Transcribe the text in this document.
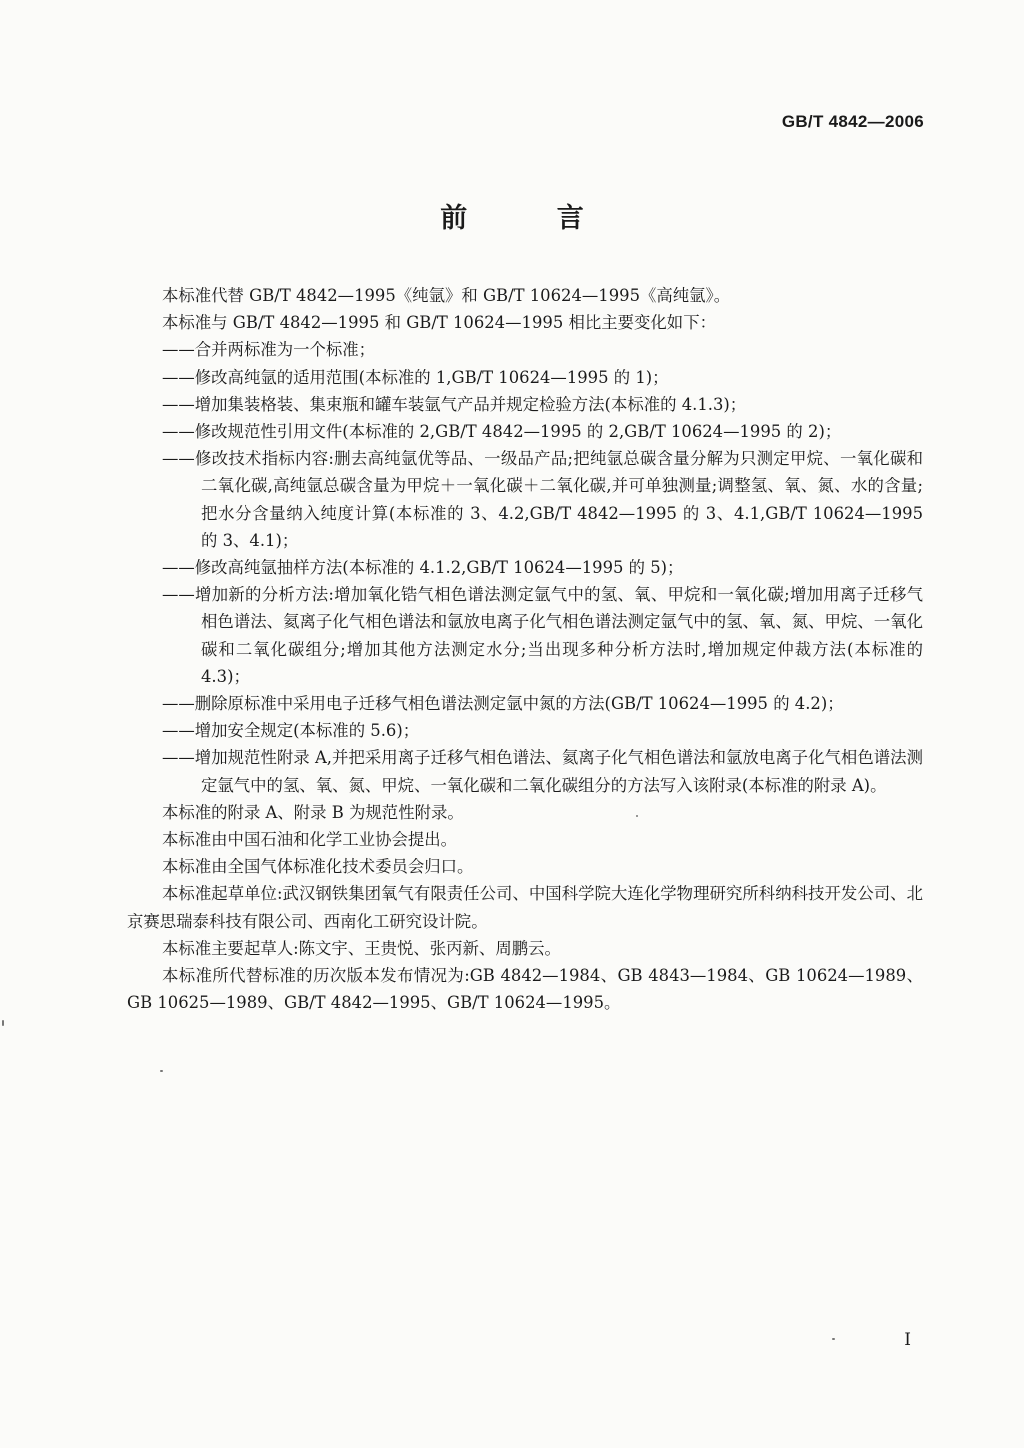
GB/T 4842—2006
前 言

本标准代替 GB/T 4842—1995《纯氩》和 GB/T 10624—1995《高纯氩》。

本标准与 GB/T 4842—1995 和 GB/T 10624—1995 相比主要变化如下：

——合并两标准为一个标准；

——修改高纯氩的适用范围(本标准的 1,GB/T 10624—1995 的 1)；

——增加集装格装、集束瓶和罐车装氩气产品并规定检验方法(本标准的 4.1.3)；

——修改规范性引用文件(本标准的 2,GB/T 4842—1995 的 2,GB/T 10624—1995 的 2)；

——修改技术指标内容:删去高纯氩优等品、一级品产品;把纯氩总碳含量分解为只测定甲烷、一氧化碳和二氧化碳,高纯氩总碳含量为甲烷＋一氧化碳＋二氧化碳,并可单独测量;调整氢、氧、氮、水的含量;把水分含量纳入纯度计算(本标准的 3、4.2,GB/T 4842—1995 的 3、4.1,GB/T 10624—1995 的 3、4.1)；

——修改高纯氩抽样方法(本标准的 4.1.2,GB/T 10624—1995 的 5)；

——增加新的分析方法:增加氧化锆气相色谱法测定氩气中的氢、氧、甲烷和一氧化碳;增加用离子迁移气相色谱法、氦离子化气相色谱法和氩放电离子化气相色谱法测定氩气中的氢、氧、氮、甲烷、一氧化碳和二氧化碳组分;增加其他方法测定水分;当出现多种分析方法时,增加规定仲裁方法(本标准的 4.3)；

——删除原标准中采用电子迁移气相色谱法测定氩中氮的方法(GB/T 10624—1995 的 4.2)；

——增加安全规定(本标准的 5.6)；

——增加规范性附录 A,并把采用离子迁移气相色谱法、氦离子化气相色谱法和氩放电离子化气相色谱法测定氩气中的氢、氧、氮、甲烷、一氧化碳和二氧化碳组分的方法写入该附录(本标准的附录 A)。

本标准的附录 A、附录 B 为规范性附录。

本标准由中国石油和化学工业协会提出。

本标准由全国气体标准化技术委员会归口。

本标准起草单位:武汉钢铁集团氧气有限责任公司、中国科学院大连化学物理研究所科纳科技开发公司、北京赛思瑞泰科技有限公司、西南化工研究设计院。

本标准主要起草人:陈文宇、王贵悦、张丙新、周鹏云。

本标准所代替标准的历次版本发布情况为:GB 4842—1984、GB 4843—1984、GB 10624—1989、GB 10625—1989、GB/T 4842—1995、GB/T 10624—1995。

I
